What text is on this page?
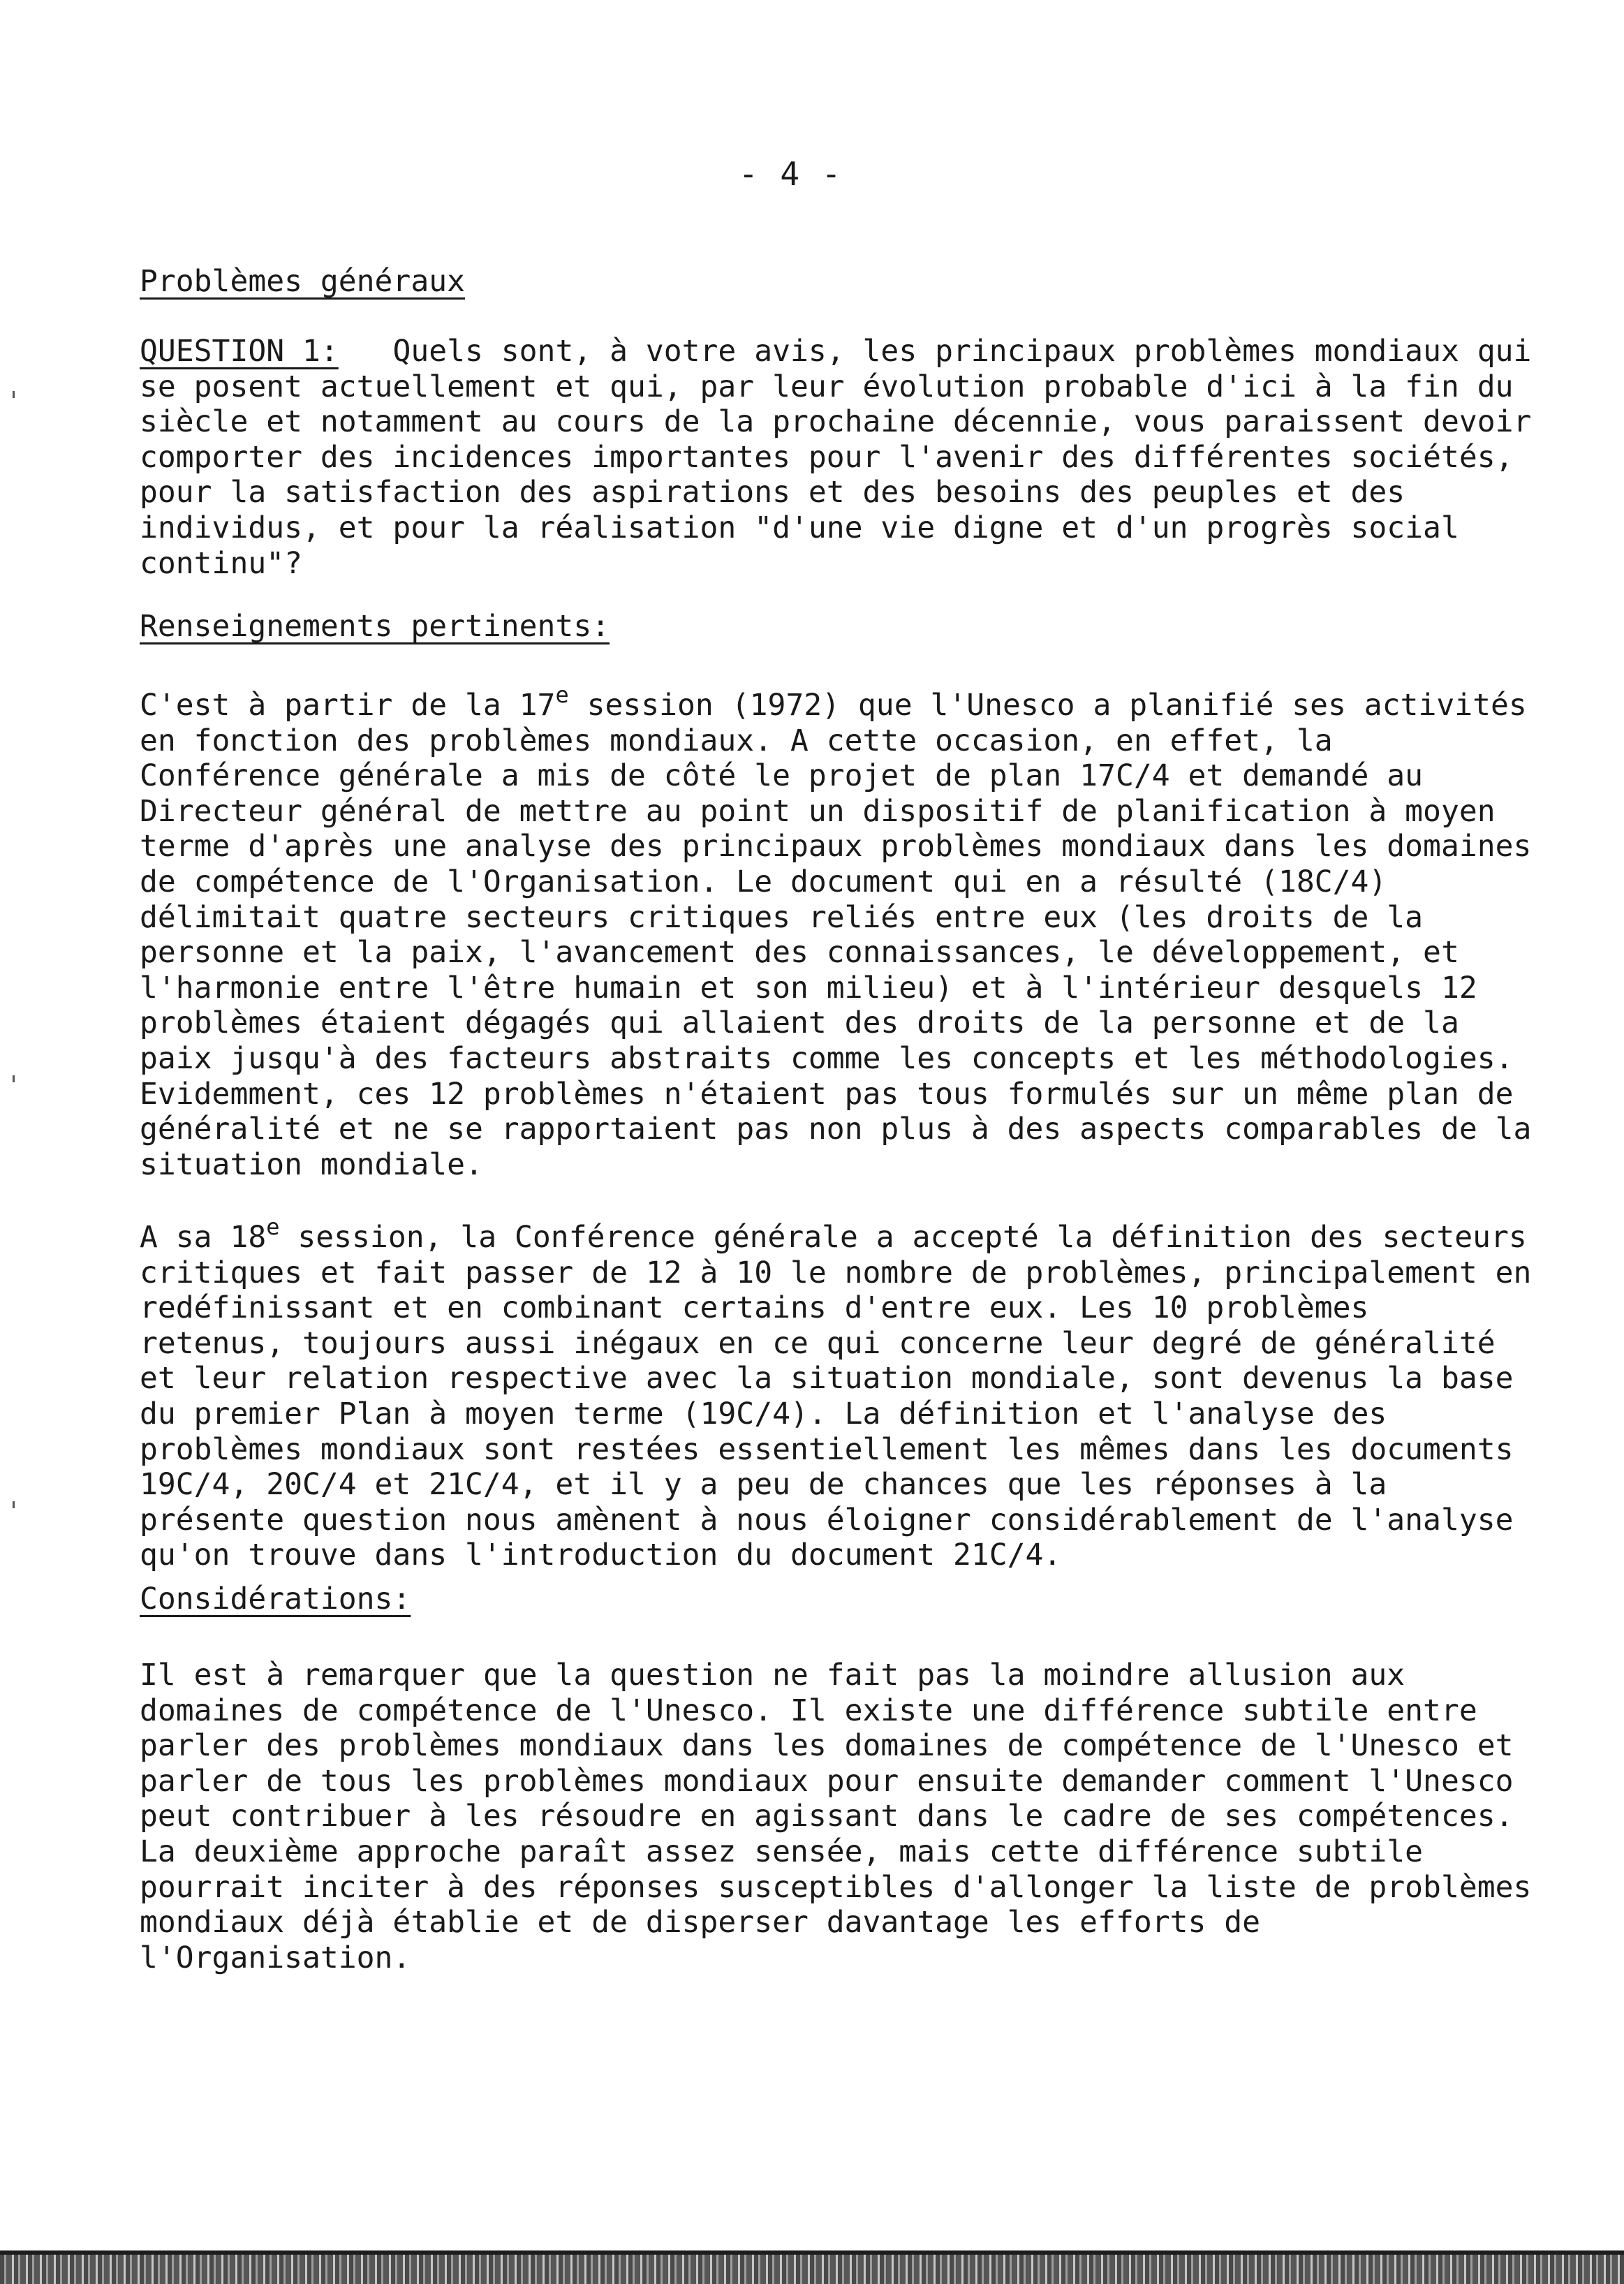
- 4 -
Problèmes généraux
QUESTION 1:   Quels sont, à votre avis, les principaux problèmes mondiaux qui
se posent actuellement et qui, par leur évolution probable d'ici à la fin du
siècle et notamment au cours de la prochaine décennie, vous paraissent devoir
comporter des incidences importantes pour l'avenir des différentes sociétés,
pour la satisfaction des aspirations et des besoins des peuples et des
individus, et pour la réalisation "d'une vie digne et d'un progrès social
continu"?
Renseignements pertinents:
C'est à partir de la 17e session (1972) que l'Unesco a planifié ses activités
en fonction des problèmes mondiaux. A cette occasion, en effet, la
Conférence générale a mis de côté le projet de plan 17C/4 et demandé au
Directeur général de mettre au point un dispositif de planification à moyen
terme d'après une analyse des principaux problèmes mondiaux dans les domaines
de compétence de l'Organisation. Le document qui en a résulté (18C/4)
délimitait quatre secteurs critiques reliés entre eux (les droits de la
personne et la paix, l'avancement des connaissances, le développement, et
l'harmonie entre l'être humain et son milieu) et à l'intérieur desquels 12
problèmes étaient dégagés qui allaient des droits de la personne et de la
paix jusqu'à des facteurs abstraits comme les concepts et les méthodologies.
Evidemment, ces 12 problèmes n'étaient pas tous formulés sur un même plan de
généralité et ne se rapportaient pas non plus à des aspects comparables de la
situation mondiale.
A sa 18e session, la Conférence générale a accepté la définition des secteurs
critiques et fait passer de 12 à 10 le nombre de problèmes, principalement en
redéfinissant et en combinant certains d'entre eux. Les 10 problèmes
retenus, toujours aussi inégaux en ce qui concerne leur degré de généralité
et leur relation respective avec la situation mondiale, sont devenus la base
du premier Plan à moyen terme (19C/4). La définition et l'analyse des
problèmes mondiaux sont restées essentiellement les mêmes dans les documents
19C/4, 20C/4 et 21C/4, et il y a peu de chances que les réponses à la
présente question nous amènent à nous éloigner considérablement de l'analyse
qu'on trouve dans l'introduction du document 21C/4.
Considérations:
Il est à remarquer que la question ne fait pas la moindre allusion aux
domaines de compétence de l'Unesco. Il existe une différence subtile entre
parler des problèmes mondiaux dans les domaines de compétence de l'Unesco et
parler de tous les problèmes mondiaux pour ensuite demander comment l'Unesco
peut contribuer à les résoudre en agissant dans le cadre de ses compétences.
La deuxième approche paraît assez sensée, mais cette différence subtile
pourrait inciter à des réponses susceptibles d'allonger la liste de problèmes
mondiaux déjà établie et de disperser davantage les efforts de
l'Organisation.
